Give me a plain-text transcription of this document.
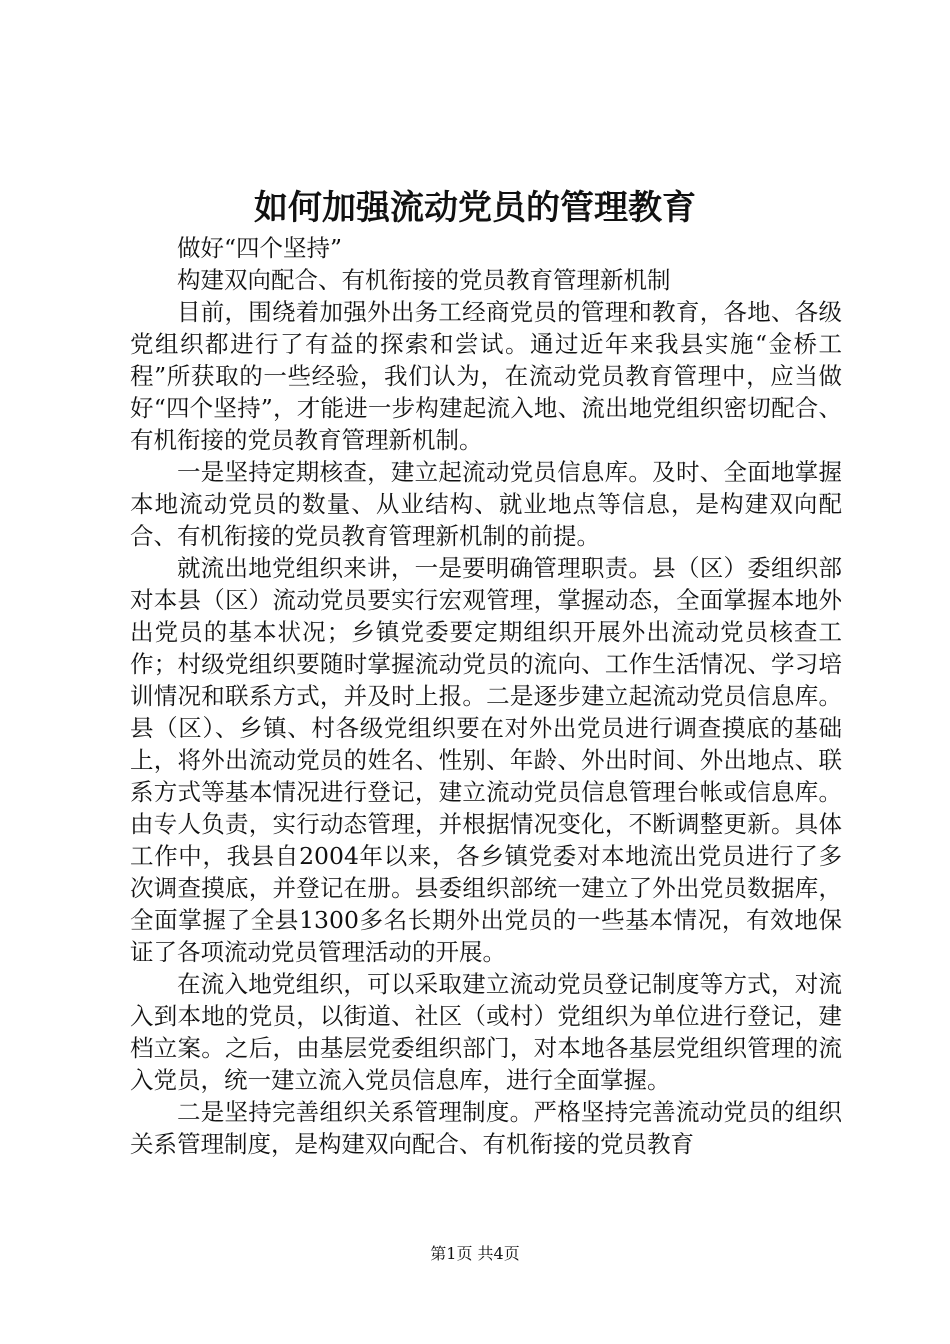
如何加强流动党员的管理教育

做好“四个坚持”

构建双向配合、有机衔接的党员教育管理新机制

目前，围绕着加强外出务工经商党员的管理和教育，各地、各级党组织都进行了有益的探索和尝试。通过近年来我县实施“金桥工程”所获取的一些经验，我们认为，在流动党员教育管理中，应当做好“四个坚持”，才能进一步构建起流入地、流出地党组织密切配合、有机衔接的党员教育管理新机制。

一是坚持定期核查，建立起流动党员信息库。及时、全面地掌握本地流动党员的数量、从业结构、就业地点等信息，是构建双向配合、有机衔接的党员教育管理新机制的前提。

就流出地党组织来讲，一是要明确管理职责。县（区）委组织部对本县（区）流动党员要实行宏观管理，掌握动态，全面掌握本地外出党员的基本状况；乡镇党委要定期组织开展外出流动党员核查工作；村级党组织要随时掌握流动党员的流向、工作生活情况、学习培训情况和联系方式，并及时上报。二是逐步建立起流动党员信息库。县（区）、乡镇、村各级党组织要在对外出党员进行调查摸底的基础上，将外出流动党员的姓名、性别、年龄、外出时间、外出地点、联系方式等基本情况进行登记，建立流动党员信息管理台帐或信息库。由专人负责，实行动态管理，并根据情况变化，不断调整更新。具体工作中，我县自2004年以来，各乡镇党委对本地流出党员进行了多次调查摸底，并登记在册。县委组织部统一建立了外出党员数据库，全面掌握了全县1300多名长期外出党员的一些基本情况，有效地保证了各项流动党员管理活动的开展。

在流入地党组织，可以采取建立流动党员登记制度等方式，对流入到本地的党员，以街道、社区（或村）党组织为单位进行登记，建档立案。之后，由基层党委组织部门，对本地各基层党组织管理的流入党员，统一建立流入党员信息库，进行全面掌握。

二是坚持完善组织关系管理制度。严格坚持完善流动党员的组织关系管理制度，是构建双向配合、有机衔接的党员教育

第1页 共4页
